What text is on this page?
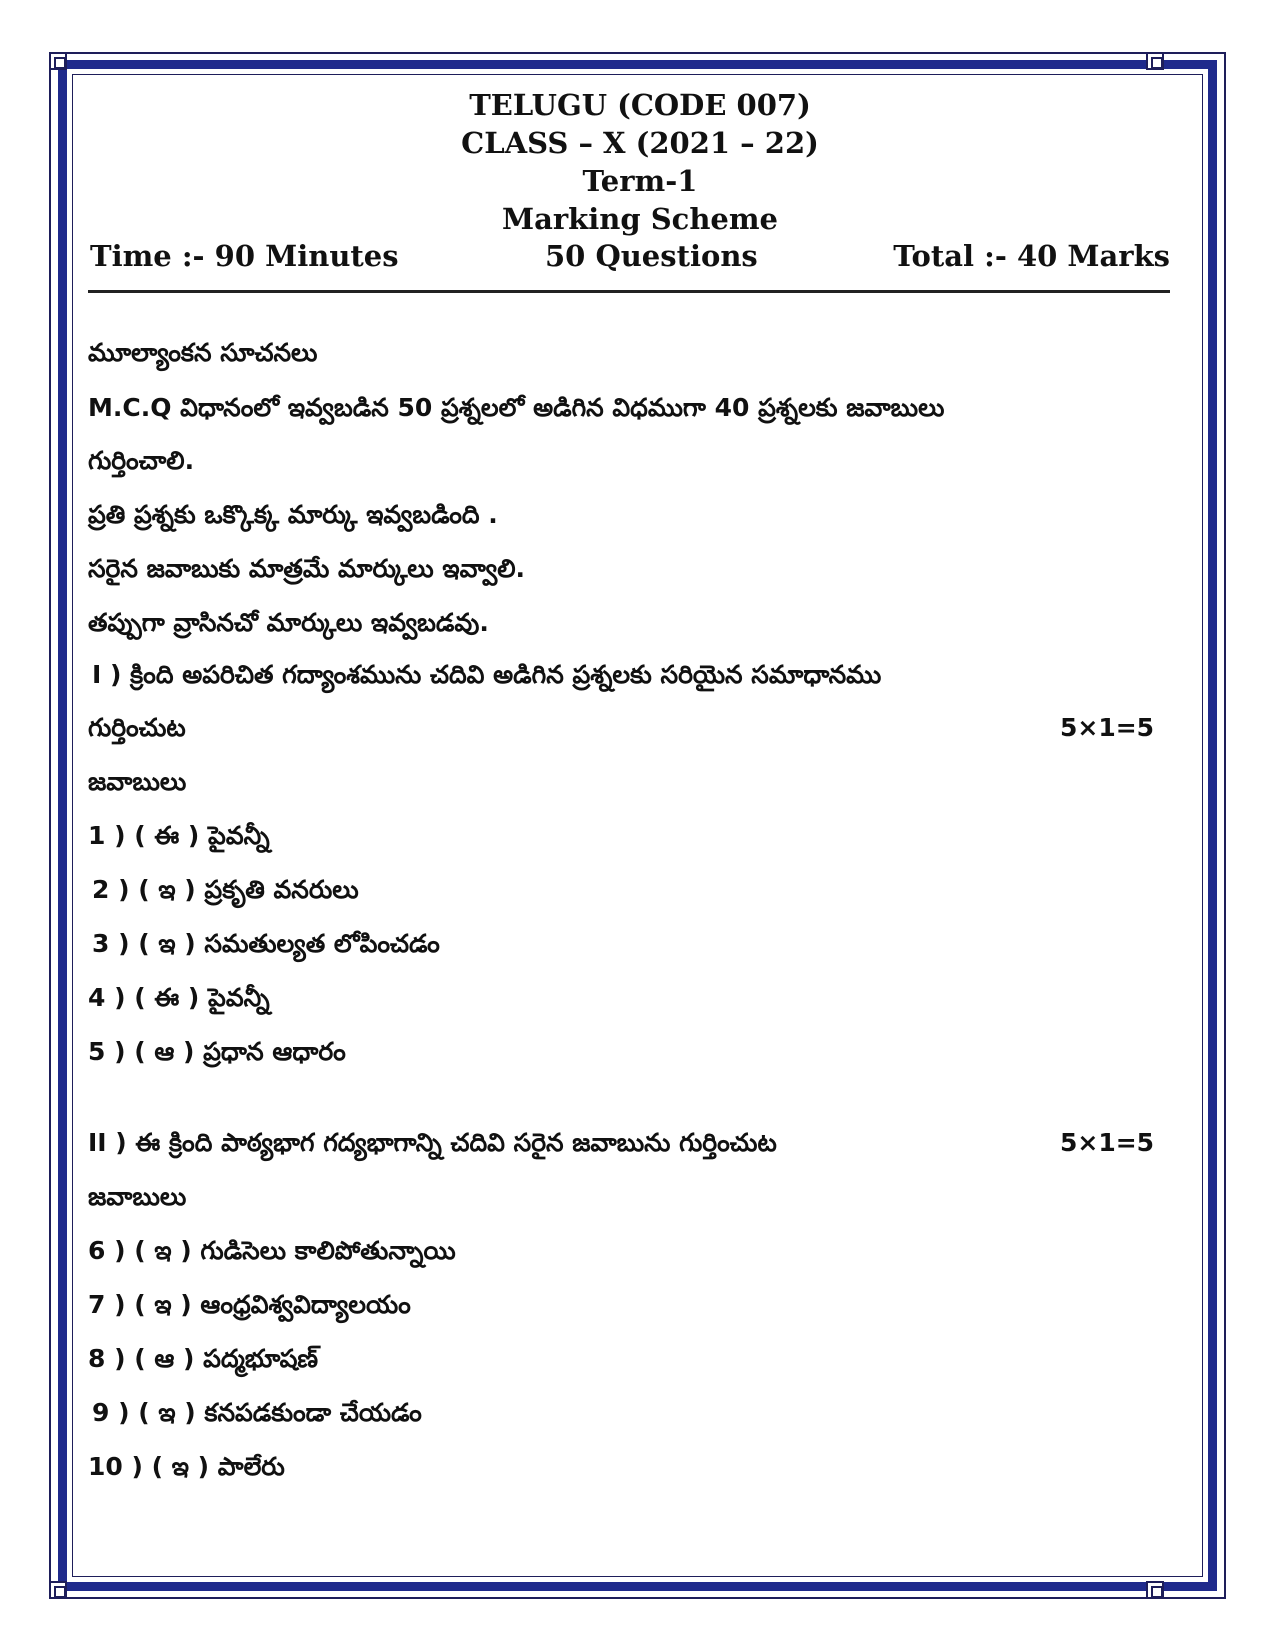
TELUGU (CODE 007)
CLASS – X (2021 – 22)
Term-1
Marking Scheme
Time :- 90 Minutes	50 Questions	Total :- 40 Marks
మూల్యాంకన సూచనలు
M.C.Q విధానంలో ఇవ్వబడిన 50 ప్రశ్నలలో అడిగిన విధముగా 40 ప్రశ్నలకు జవాబులు
గుర్తించాలి.
ప్రతి ప్రశ్నకు ఒక్కొక్క మార్కు ఇవ్వబడింది .
సరైన జవాబుకు మాత్రమే మార్కులు ఇవ్వాలి.
తప్పుగా వ్రాసినచో మార్కులు ఇవ్వబడవు.
I ) క్రింది అపరిచిత గద్యాంశమును చదివి అడిగిన ప్రశ్నలకు సరియైన సమాధానము
గుర్తించుట	5×1=5
జవాబులు
1 ) ( ఈ ) పైవన్నీ
2 ) ( ఇ ) ప్రకృతి వనరులు
3 ) ( ఇ ) సమతుల్యత లోపించడం
4 ) ( ఈ ) పైవన్నీ
5 ) ( ఆ ) ప్రధాన ఆధారం
II ) ఈ క్రింది పాఠ్యభాగ గద్యభాగాన్ని చదివి సరైన జవాబును గుర్తించుట	5×1=5
జవాబులు
6 ) ( ఇ ) గుడిసెలు కాలిపోతున్నాయి
7 ) ( ఇ ) ఆంధ్రవిశ్వవిద్యాలయం
8 ) ( ఆ ) పద్మభూషణ్
9 ) ( ఇ ) కనపడకుండా చేయడం
10 ) ( ఇ ) పాలేరు
